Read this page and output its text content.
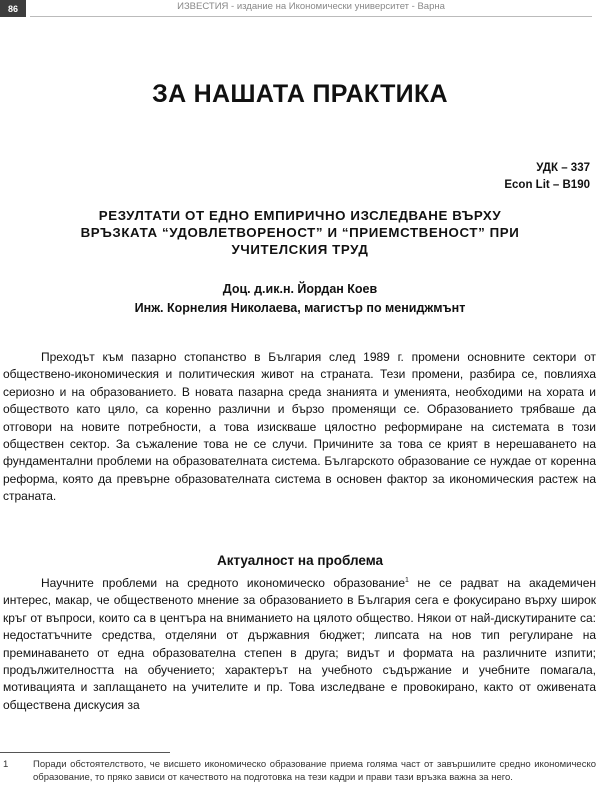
86	ИЗВЕСТИЯ - издание на Икономически университет - Варна
ЗА НАШАТА ПРАКТИКА
УДК – 337
Econ Lit – B190
РЕЗУЛТАТИ ОТ ЕДНО ЕМПИРИЧНО ИЗСЛЕДВАНЕ ВЪРХУ ВРЪЗКАТА “УДОВЛЕТВОРЕНОСТ” И “ПРИЕМСТВЕНОСТ” ПРИ УЧИТЕЛСКИЯ ТРУД
Доц. д.ик.н. Йордан Коев
Инж. Корнелия Николаева, магистър по мениджмънт

Преходът към пазарно стопанство в България след 1989 г. промени основните сектори от обществено-икономическия и политическия живот на страната. Тези промени, разбира се, повлияха сериозно и на образованието. В новата пазарна среда знанията и уменията, необходими на хората и обществото като цяло, са коренно различни и бързо променящи се. Образованието трябваше да отговори на новите потребности, а това изискваше цялостно реформиране на системата в този обществен сектор. За съжаление това не се случи. Причините за това се крият в нерешаването на фундаментални проблеми на образователната система. Българското образование се нуждае от коренна реформа, която да превърне образователната система в основен фактор за икономическия растеж на страната.

Актуалност на проблема

Научните проблеми на средното икономическо образование$^1$ не се радват на академичен интерес, макар, че общественото мнение за образованието в България сега е фокусирано върху широк кръг от въпроси, които са в центъра на вниманието на цялото общество. Някои от най-дискутираните са: недостатъчните средства, отделяни от държавния бюджет; липсата на нов тип регулиране на преминаването от една образователна степен в друга; видът и формата на различните изпити; продължителността на обучението; характерът на учебното съдържание и учебните помагала, мотивацията и заплащането на учителите и пр. Това изследване е провокирано, както от оживената обществена дискусия за

1	Поради обстоятелството, че висшето икономическо образование приема голяма част от завършилите средно икономическо образование, то пряко зависи от качеството на подготовка на тези кадри и прави тази връзка важна за него.
